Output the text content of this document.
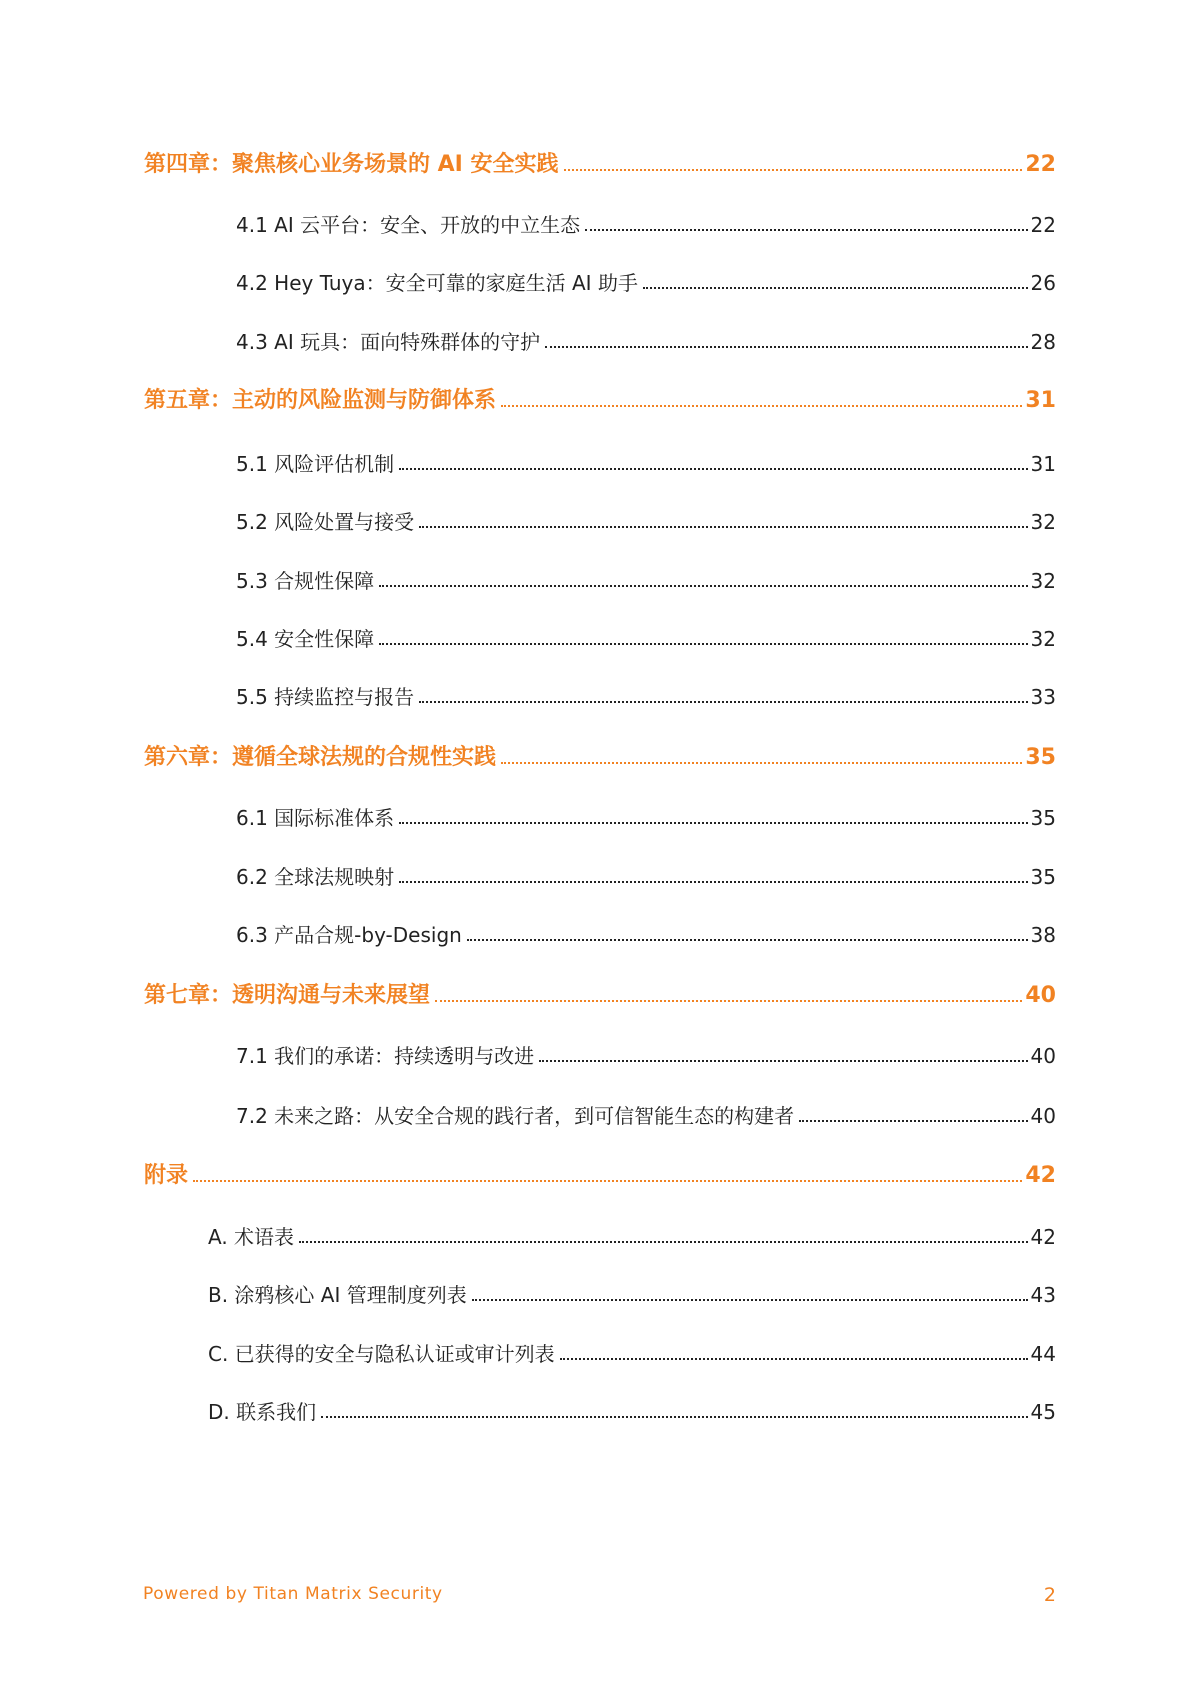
第四章：聚焦核心业务场景的 AI 安全实践	22
4.1 AI 云平台：安全、开放的中立生态	22
4.2 Hey Tuya：安全可靠的家庭生活 AI 助手	26
4.3 AI 玩具：面向特殊群体的守护	28
第五章：主动的风险监测与防御体系	31
5.1 风险评估机制	31
5.2 风险处置与接受	32
5.3 合规性保障	32
5.4 安全性保障	32
5.5 持续监控与报告	33
第六章：遵循全球法规的合规性实践	35
6.1 国际标准体系	35
6.2 全球法规映射	35
6.3 产品合规-by-Design	38
第七章：透明沟通与未来展望	40
7.1 我们的承诺：持续透明与改进	40
7.2 未来之路：从安全合规的践行者，到可信智能生态的构建者	40
附录	42
A. 术语表	42
B. 涂鸦核心 AI 管理制度列表	43
C. 已获得的安全与隐私认证或审计列表	44
D. 联系我们	45
Powered by Titan Matrix Security	2
